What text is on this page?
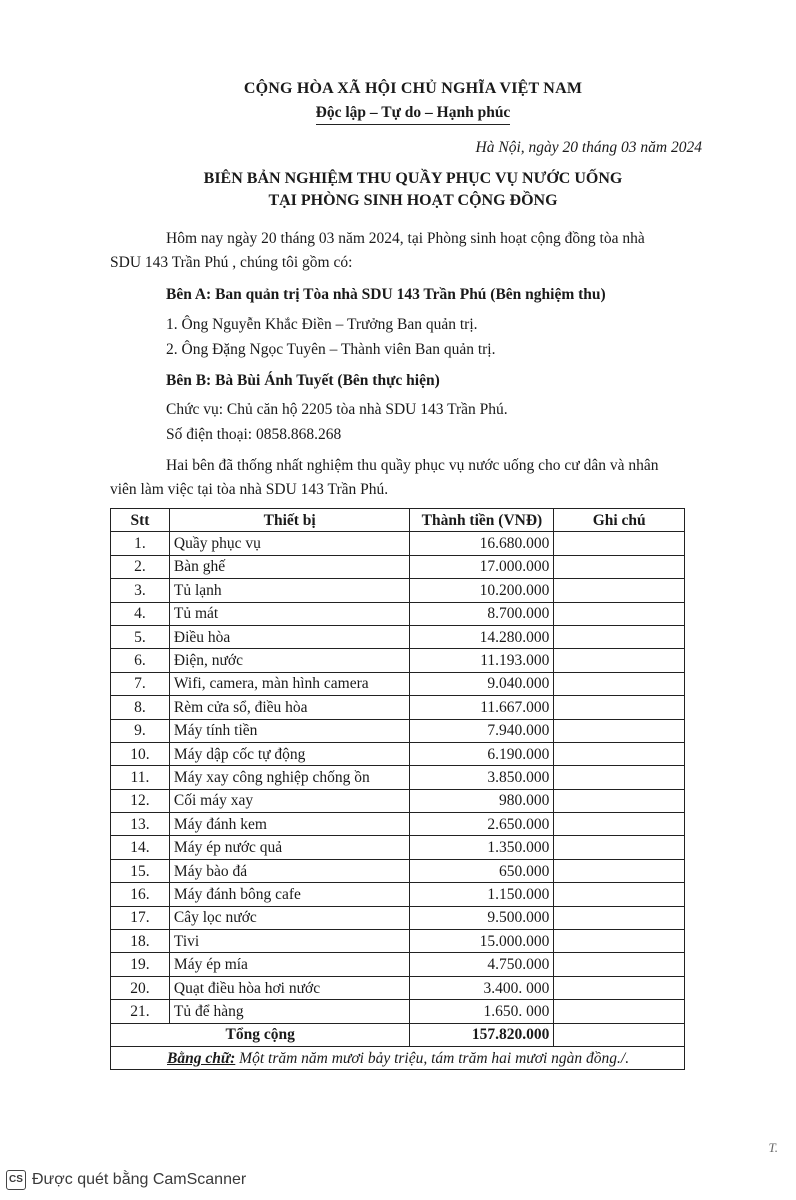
CỘNG HÒA XÃ HỘI CHỦ NGHĨA VIỆT NAM
Độc lập – Tự do – Hạnh phúc
Hà Nội, ngày 20 tháng 03 năm 2024
BIÊN BẢN NGHIỆM THU QUẦY PHỤC VỤ NƯỚC UỐNG
TẠI PHÒNG SINH HOẠT CỘNG ĐỒNG
Hôm nay ngày 20 tháng 03 năm 2024, tại Phòng sinh hoạt cộng đồng tòa nhà
SDU 143 Trần Phú , chúng tôi gồm có:
Bên A: Ban quản trị Tòa nhà SDU 143 Trần Phú (Bên nghiệm thu)
1. Ông Nguyễn Khắc Điền – Trưởng Ban quản trị.
2. Ông Đặng Ngọc Tuyên – Thành viên Ban quản trị.
Bên B: Bà Bùi Ánh Tuyết (Bên thực hiện)
Chức vụ: Chủ căn hộ 2205 tòa nhà SDU 143 Trần Phú.
Số điện thoại: 0858.868.268
Hai bên đã thống nhất nghiệm thu quầy phục vụ nước uống cho cư dân và nhân
viên làm việc tại tòa nhà SDU 143 Trần Phú.
Stt	Thiết bị	Thành tiền (VNĐ)	Ghi chú
1.	Quầy phục vụ	16.680.000	
2.	Bàn ghế	17.000.000	
3.	Tủ lạnh	10.200.000	
4.	Tủ mát	8.700.000	
5.	Điều hòa	14.280.000	
6.	Điện, nước	11.193.000	
7.	Wifi, camera, màn hình camera	9.040.000	
8.	Rèm cửa sổ, điều hòa	11.667.000	
9.	Máy tính tiền	7.940.000	
10.	Máy dập cốc tự động	6.190.000	
11.	Máy xay công nghiệp chống ồn	3.850.000	
12.	Cối máy xay	980.000	
13.	Máy đánh kem	2.650.000	
14.	Máy ép nước quả	1.350.000	
15.	Máy bào đá	650.000	
16.	Máy đánh bông cafe	1.150.000	
17.	Cây lọc nước	9.500.000	
18.	Tivi	15.000.000	
19.	Máy ép mía	4.750.000	
20.	Quạt điều hòa hơi nước	3.400. 000	
21.	Tủ để hàng	1.650. 000	
Tổng cộng		157.820.000	
Bằng chữ: Một trăm năm mươi bảy triệu, tám trăm hai mươi ngàn đồng./.			
T.
CS Được quét bằng CamScanner
